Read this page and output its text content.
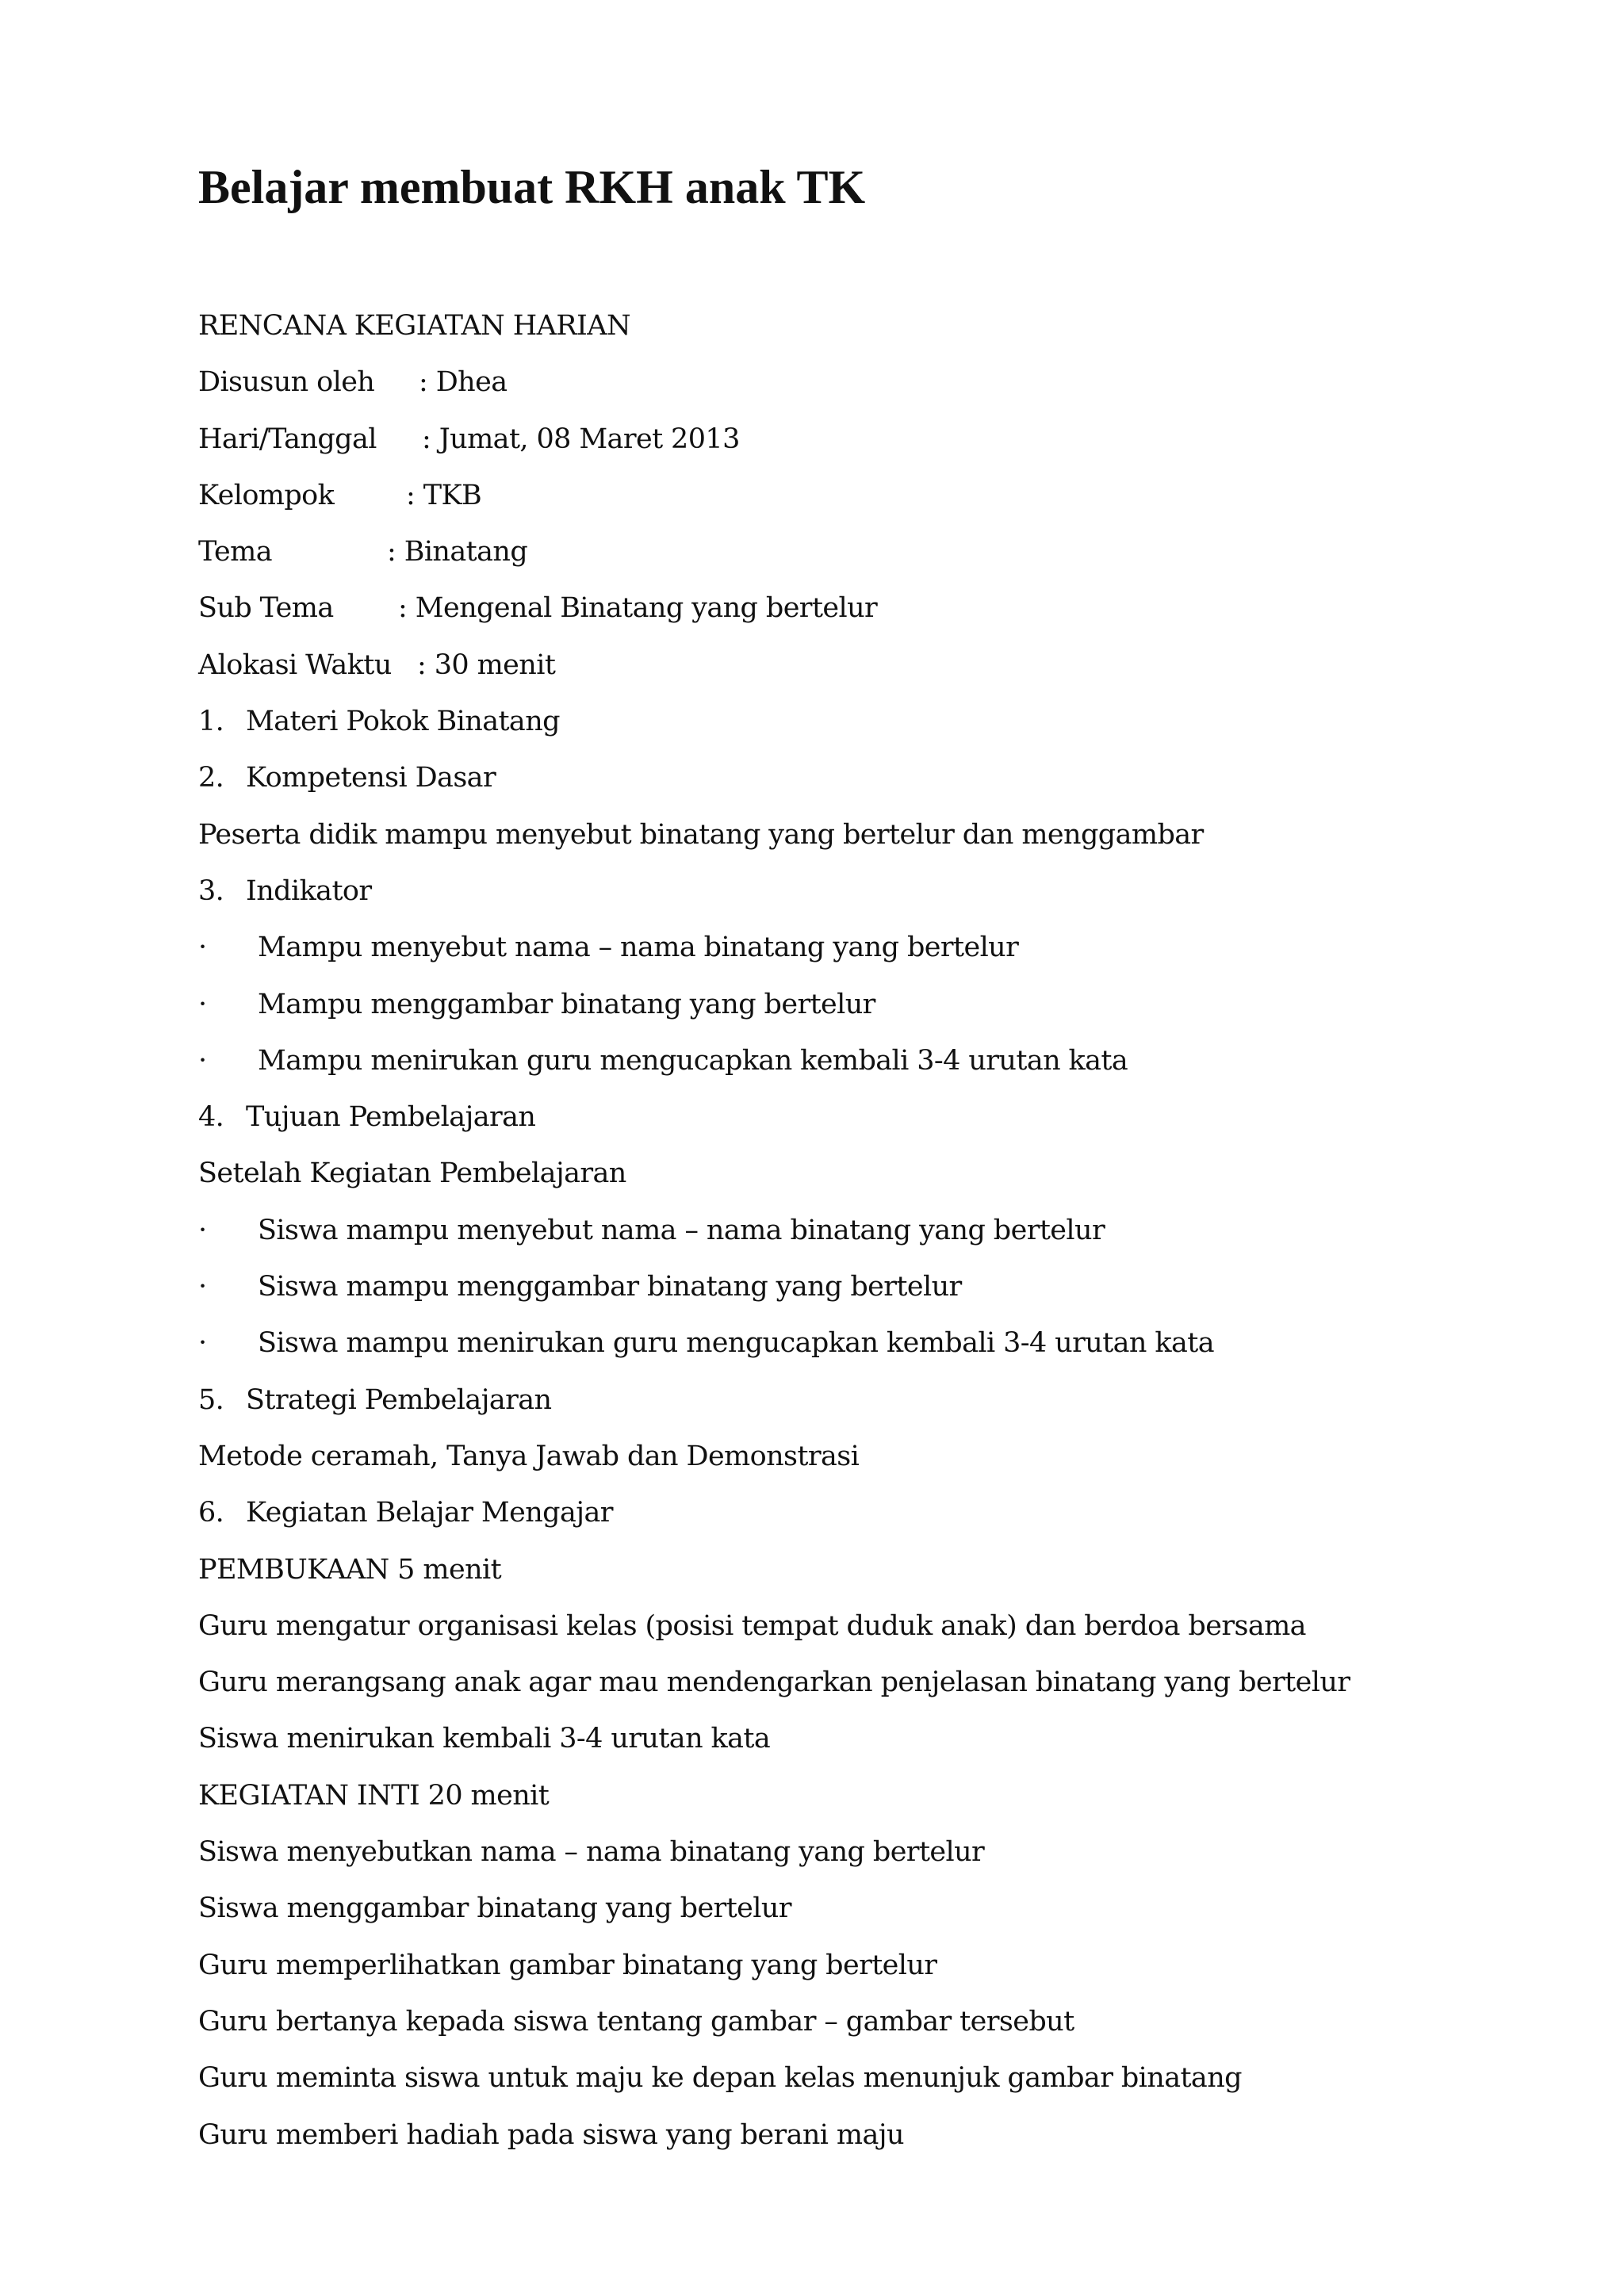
Belajar membuat RKH anak TK
RENCANA KEGIATAN HARIAN
Disusun oleh : Dhea
Hari/Tanggal : Jumat, 08 Maret 2013
Kelompok	: TKB
Tema	: Binatang
Sub Tema : Mengenal Binatang yang bertelur
Alokasi Waktu : 30 menit
1. Materi Pokok Binatang
2. Kompetensi Dasar
Peserta didik mampu menyebut binatang yang bertelur dan menggambar
3. Indikator
· Mampu menyebut nama – nama binatang yang bertelur
· Mampu menggambar binatang yang bertelur
· Mampu menirukan guru mengucapkan kembali 3-4 urutan kata
4. Tujuan Pembelajaran
Setelah Kegiatan Pembelajaran
· Siswa mampu menyebut nama – nama binatang yang bertelur
· Siswa mampu menggambar binatang yang bertelur
· Siswa mampu menirukan guru mengucapkan kembali 3-4 urutan kata
5. Strategi Pembelajaran
Metode ceramah, Tanya Jawab dan Demonstrasi
6. Kegiatan Belajar Mengajar
PEMBUKAAN 5 menit
Guru mengatur organisasi kelas (posisi tempat duduk anak) dan berdoa bersama
Guru merangsang anak agar mau mendengarkan penjelasan binatang yang bertelur
Siswa menirukan kembali 3-4 urutan kata
KEGIATAN INTI 20 menit
Siswa menyebutkan nama – nama binatang yang bertelur
Siswa menggambar binatang yang bertelur
Guru memperlihatkan gambar binatang yang bertelur
Guru bertanya kepada siswa tentang gambar – gambar tersebut
Guru meminta siswa untuk maju ke depan kelas menunjuk gambar binatang
Guru memberi hadiah pada siswa yang berani maju
